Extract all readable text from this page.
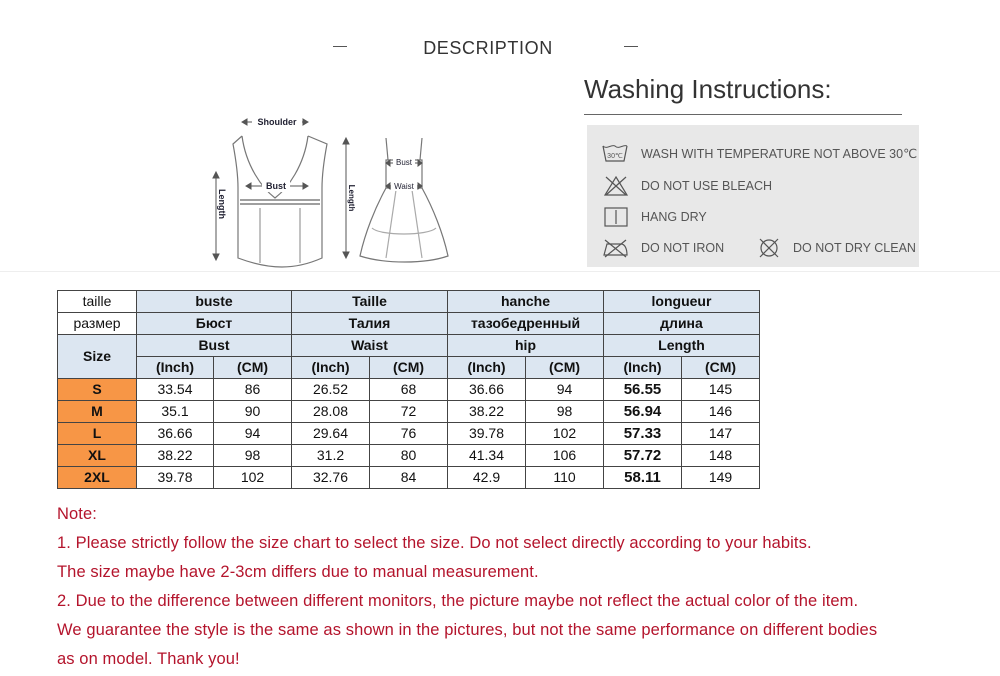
DESCRIPTION
Shoulder
Bust
Length
Bust
Waist
Length
Washing Instructions:
30℃ WASH WITH TEMPERATURE NOT ABOVE 30℃
DO NOT USE BLEACH
HANG DRY
DO NOT IRON	DO NOT DRY CLEAN
taille	buste		Taille		hanche		longueur	
размер	Бюст		Талия		тазобедренный		длина	
Size	Bust		Waist		hip		Length	
	(Inch)	(CM)	(Inch)	(CM)	(Inch)	(CM)	(Inch)	(CM)
S	33.54	86	26.52	68	36.66	94	56.55	145
M	35.1	90	28.08	72	38.22	98	56.94	146
L	36.66	94	29.64	76	39.78	102	57.33	147
XL	38.22	98	31.2	80	41.34	106	57.72	148
2XL	39.78	102	32.76	84	42.9	110	58.11	149
Note:
1. Please strictly follow the size chart to select the size. Do not select directly according to your habits.
The size maybe have 2-3cm differs due to manual measurement.
2. Due to the difference between different monitors, the picture maybe not reflect the actual color of the item.
We guarantee the style is the same as shown in the pictures, but not the same performance on different bodies
as on model. Thank you!
